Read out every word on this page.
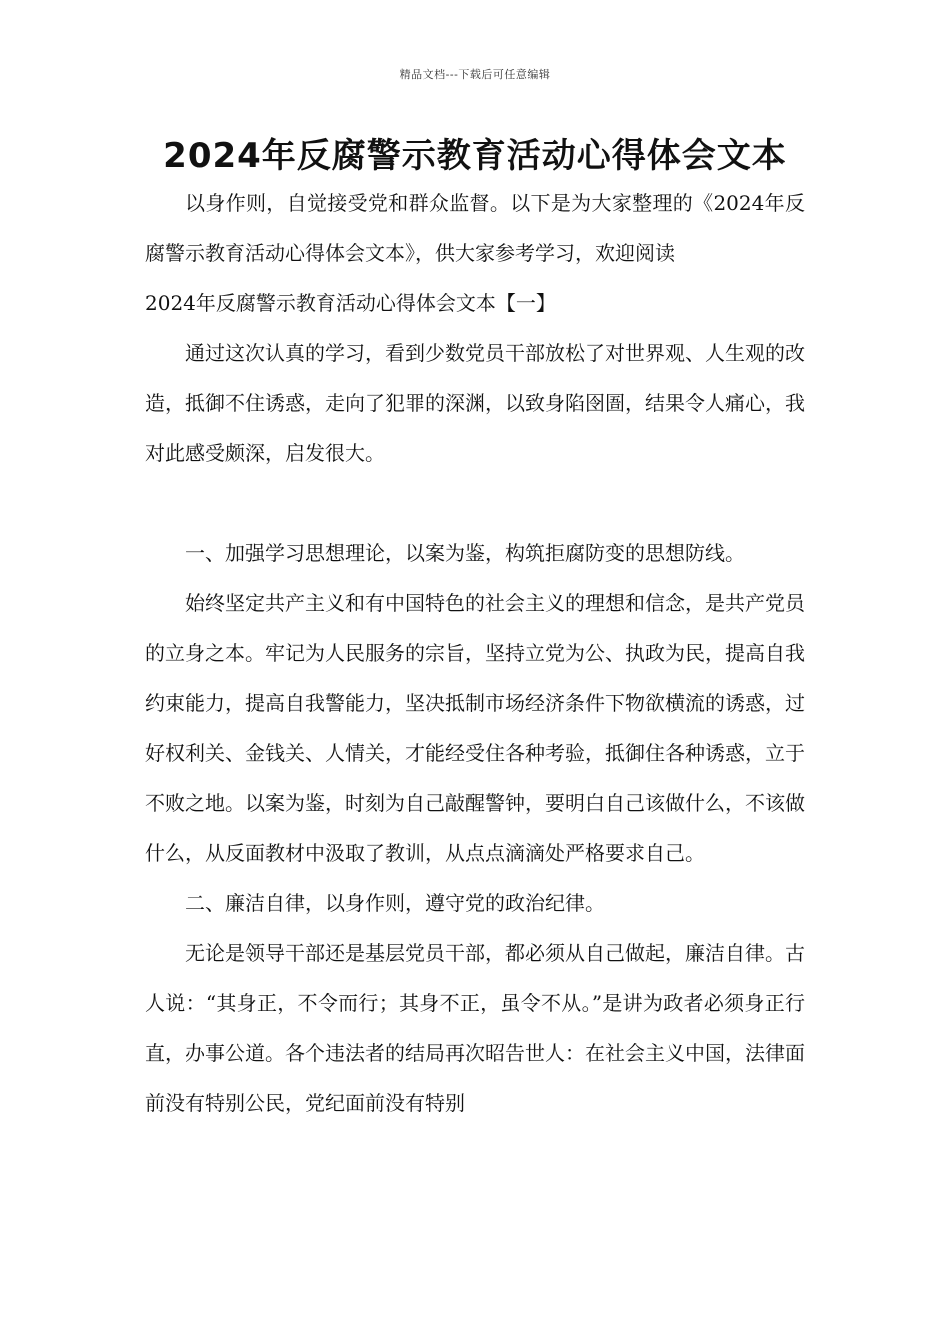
精品文档---下载后可任意编辑
2024年反腐警示教育活动心得体会文本

以身作则，自觉接受党和群众监督。以下是为大家整理的《2024年反腐警示教育活动心得体会文本》，供大家参考学习，欢迎阅读

2024年反腐警示教育活动心得体会文本【一】

通过这次认真的学习，看到少数党员干部放松了对世界观、人生观的改造，抵御不住诱惑，走向了犯罪的深渊，以致身陷囹圄，结果令人痛心，我对此感受颇深，启发很大。

一、加强学习思想理论，以案为鉴，构筑拒腐防变的思想防线。

始终坚定共产主义和有中国特色的社会主义的理想和信念，是共产党员的立身之本。牢记为人民服务的宗旨，坚持立党为公、执政为民，提高自我约束能力，提高自我警能力，坚决抵制市场经济条件下物欲横流的诱惑，过好权利关、金钱关、人情关，才能经受住各种考验，抵御住各种诱惑，立于不败之地。以案为鉴，时刻为自己敲醒警钟，要明白自己该做什么，不该做什么，从反面教材中汲取了教训，从点点滴滴处严格要求自己。

二、廉洁自律，以身作则，遵守党的政治纪律。

无论是领导干部还是基层党员干部，都必须从自己做起，廉洁自律。古人说：“其身正，不令而行；其身不正，虽令不从。”是讲为政者必须身正行直，办事公道。各个违法者的结局再次昭告世人：在社会主义中国，法律面前没有特别公民，党纪面前没有特别
